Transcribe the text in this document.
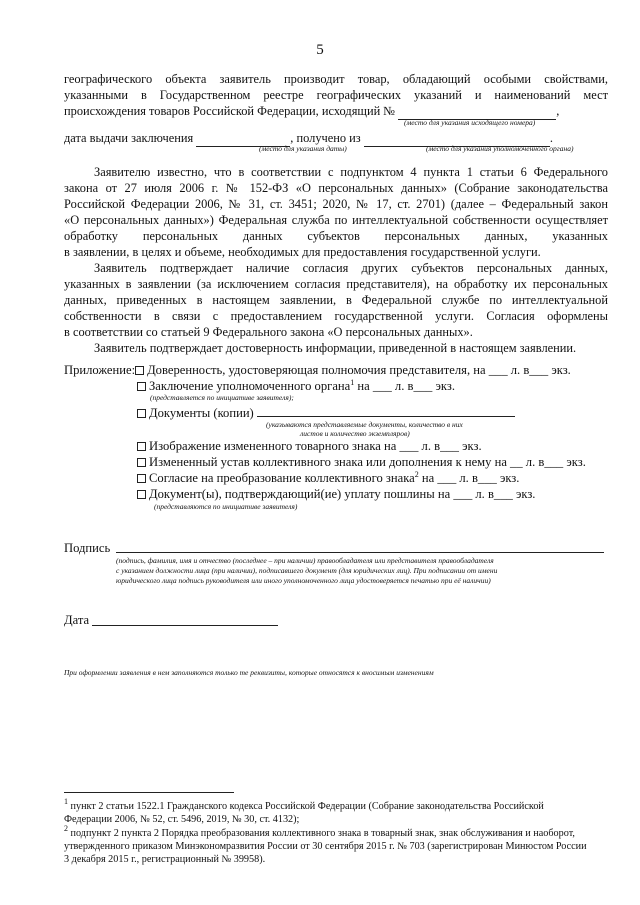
5
географического объекта заявитель производит товар, обладающий особыми свойствами,
указанными в Государственном реестре географических указаний и наименований мест
происхождения товаров Российской Федерации, исходящий №	,
(место для указания исходящего номера)
дата выдачи заключения	, получено из	.
(место для указания даты)	(место для указания уполномоченного органа)
Заявителю известно, что в соответствии с подпунктом 4 пункта 1 статьи 6 Федерального
закона от 27 июля 2006 г. № 152-ФЗ «О персональных данных» (Собрание законодательства
Российской Федерации 2006, № 31, ст. 3451; 2020, № 17, ст. 2701) (далее – Федеральный закон
«О персональных данных») Федеральная служба по интеллектуальной собственности осуществляет
обработку персональных данных субъектов персональных данных, указанных
в заявлении, в целях и объеме, необходимых для предоставления государственной услуги.
Заявитель подтверждает наличие согласия других субъектов персональных данных,
указанных в заявлении (за исключением согласия представителя), на обработку их персональных
данных, приведенных в настоящем заявлении, в Федеральной службе по интеллектуальной
собственности в связи с предоставлением государственной услуги. Согласия оформлены
в соответствии со статьей 9 Федерального закона «О персональных данных».
Заявитель подтверждает достоверность информации, приведенной в настоящем заявлении.
Приложение: Доверенность, удостоверяющая полномочия представителя, на ___ л. в___ экз.
Заключение уполномоченного органа$^1$ на ___ л. в___ экз.
(представляется по инициативе заявителя);
Документы (копии)
(указываются представляемые документы, количество в них
листов и количество экземпляров)
Изображение измененного товарного знака на ___ л. в___ экз.
Измененный устав коллективного знака или дополнения к нему на __ л. в___ экз.
Согласие на преобразование коллективного знака$^2$ на ___ л. в___ экз.
Документ(ы), подтверждающий(ие) уплату пошлины на ___ л. в___ экз.
(представляются по инициативе заявителя)
Подпись
(подпись, фамилия, имя и отчество (последнее – при наличии) правообладателя или представителя правообладателя
с указанием должности лица (при наличии), подписавшего документ (для юридических лиц). При подписании от имени
юридического лица подпись руководителя или иного уполномоченного лица удостоверяется печатью при её наличии)
Дата
При оформлении заявления в нем заполняются только те реквизиты, которые относятся к вносимым изменениям
$^1$ пункт 2 статьи 1522.1 Гражданского кодекса Российской Федерации (Собрание законодательства Российской
Федерации 2006, № 52, ст. 5496, 2019, № 30, ст. 4132);
$^2$ подпункт 2 пункта 2 Порядка преобразования коллективного знака в товарный знак, знак обслуживания и наоборот,
утвержденного приказом Минэкономразвития России от 30 сентября 2015 г. № 703 (зарегистрирован Минюстом России
3 декабря 2015 г., регистрационный № 39958).
